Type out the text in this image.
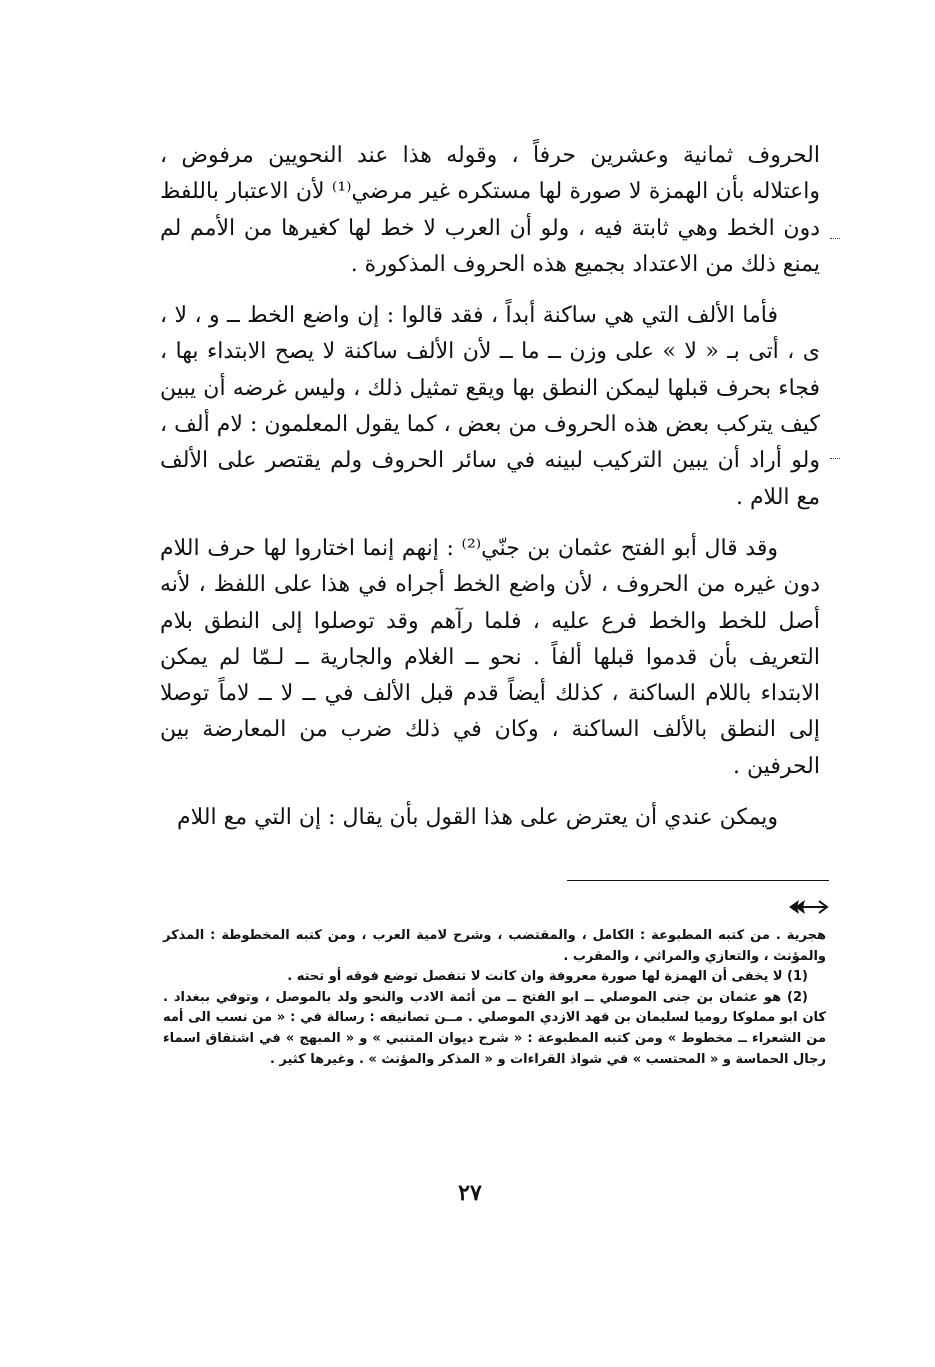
الحروف ثمانية وعشرين حرفاً ، وقوله هذا عند النحويين مرفوض ، واعتلاله بأن الهمزة لا صورة لها مستكره غير مرضي⁽¹⁾ لأن الاعتبار باللفظ دون الخط وهي ثابتة فيه ، ولو أن العرب لا خط لها كغيرها من الأمم لم يمنع ذلك من الاعتداد بجميع هذه الحروف المذكورة .

فأما الألف التي هي ساكنة أبداً ، فقد قالوا : إن واضع الخط ــ و ، لا ، ى ، أتى بـ « لا » على وزن ــ ما ــ لأن الألف ساكنة لا يصح الابتداء بها ، فجاء بحرف قبلها ليمكن النطق بها ويقع تمثيل ذلك ، وليس غرضه أن يبين كيف يتركب بعض هذه الحروف من بعض ، كما يقول المعلمون : لام ألف ، ولو أراد أن يبين التركيب لبينه في سائر الحروف ولم يقتصر على الألف مع اللام .

وقد قال أبو الفتح عثمان بن جنّي⁽²⁾ : إنهم إنما اختاروا لها حرف اللام دون غيره من الحروف ، لأن واضع الخط أجراه في هذا على اللفظ ، لأنه أصل للخط والخط فرع عليه ، فلما رآهم وقد توصلوا إلى النطق بلام التعريف بأن قدموا قبلها ألفاً . نحو ــ الغلام والجارية ــ لـمّا لم يمكن الابتداء باللام الساكنة ، كذلك أيضاً قدم قبل الألف في ــ لا ــ لاماً توصلا إلى النطق بالألف الساكنة ، وكان في ذلك ضرب من المعارضة بين الحرفين .

ويمكن عندي أن يعترض على هذا القول بأن يقال : إن التي مع اللام

هجرية . من كتبه المطبوعة : الكامل ، والمقتضب ، وشرح لامية العرب ، ومن كتبه المخطوطة : المذكر والمؤنث ، والتعازي والمراثي ، والمقرب .

(1) لا يخفى أن الهمزة لها صورة معروفة وان كانت لا تنفصل توضع فوقه أو تحته .

(2) هو عثمان بن جنى الموصلي ــ ابو الفتح ــ من أئمة الادب والنحو ولد بالموصل ، وتوفي ببغداد . كان ابو مملوكا روميا لسليمان بن فهد الازدي الموصلي . مــن تصانيفه : رسالة في : « من نسب الى أمه من الشعراء ــ مخطوط » ومن كتبه المطبوعة : « شرح ديوان المتنبي » و « المبهج » في اشتقاق اسماء رجال الحماسة و « المحتسب » في شواذ القراءات و « المذكر والمؤنث » . وغيرها كثير .

٢٧
